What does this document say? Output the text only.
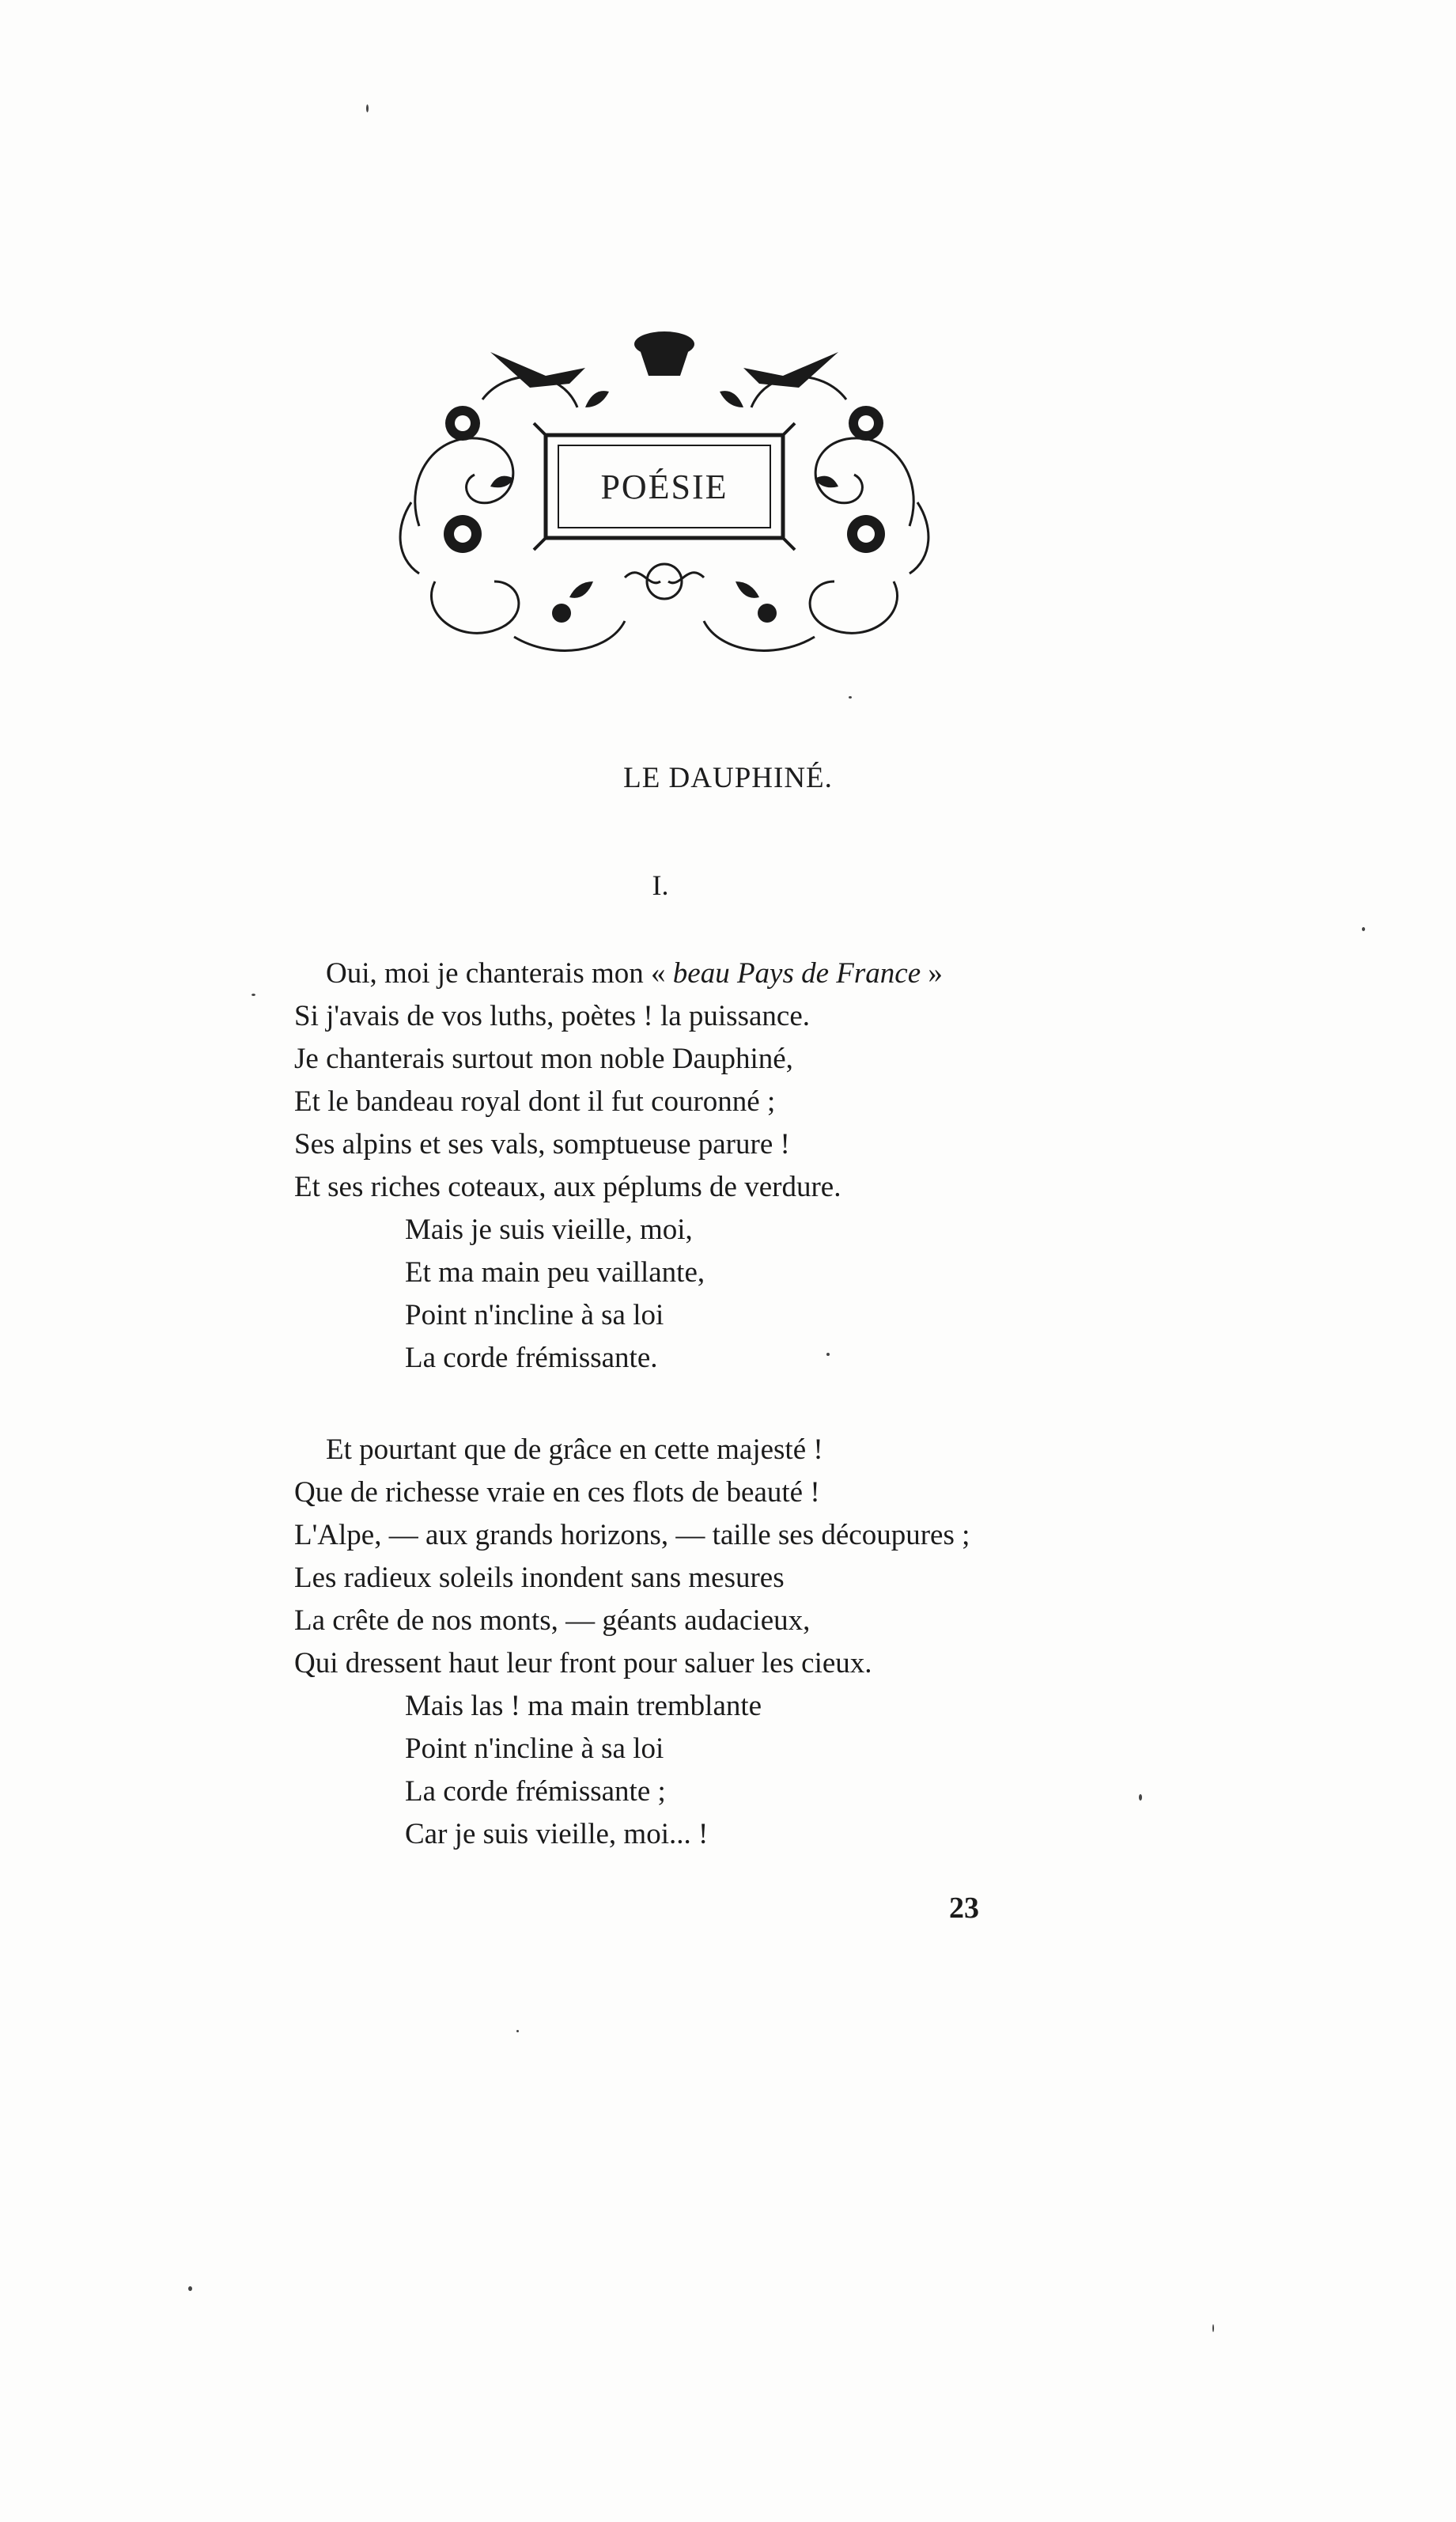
POÉSIE
LE DAUPHINÉ.
I.
Oui, moi je chanterais mon « beau Pays de France »
Si j'avais de vos luths, poètes ! la puissance.
Je chanterais surtout mon noble Dauphiné,
Et le bandeau royal dont il fut couronné ;
Ses alpins et ses vals, somptueuse parure !
Et ses riches coteaux, aux péplums de verdure.
Mais je suis vieille, moi,
Et ma main peu vaillante,
Point n'incline à sa loi
La corde frémissante.
Et pourtant que de grâce en cette majesté !
Que de richesse vraie en ces flots de beauté !
L'Alpe, — aux grands horizons, — taille ses découpures ;
Les radieux soleils inondent sans mesures
La crête de nos monts, — géants audacieux,
Qui dressent haut leur front pour saluer les cieux.
Mais las ! ma main tremblante
Point n'incline à sa loi
La corde frémissante ;
Car je suis vieille, moi... !
23
